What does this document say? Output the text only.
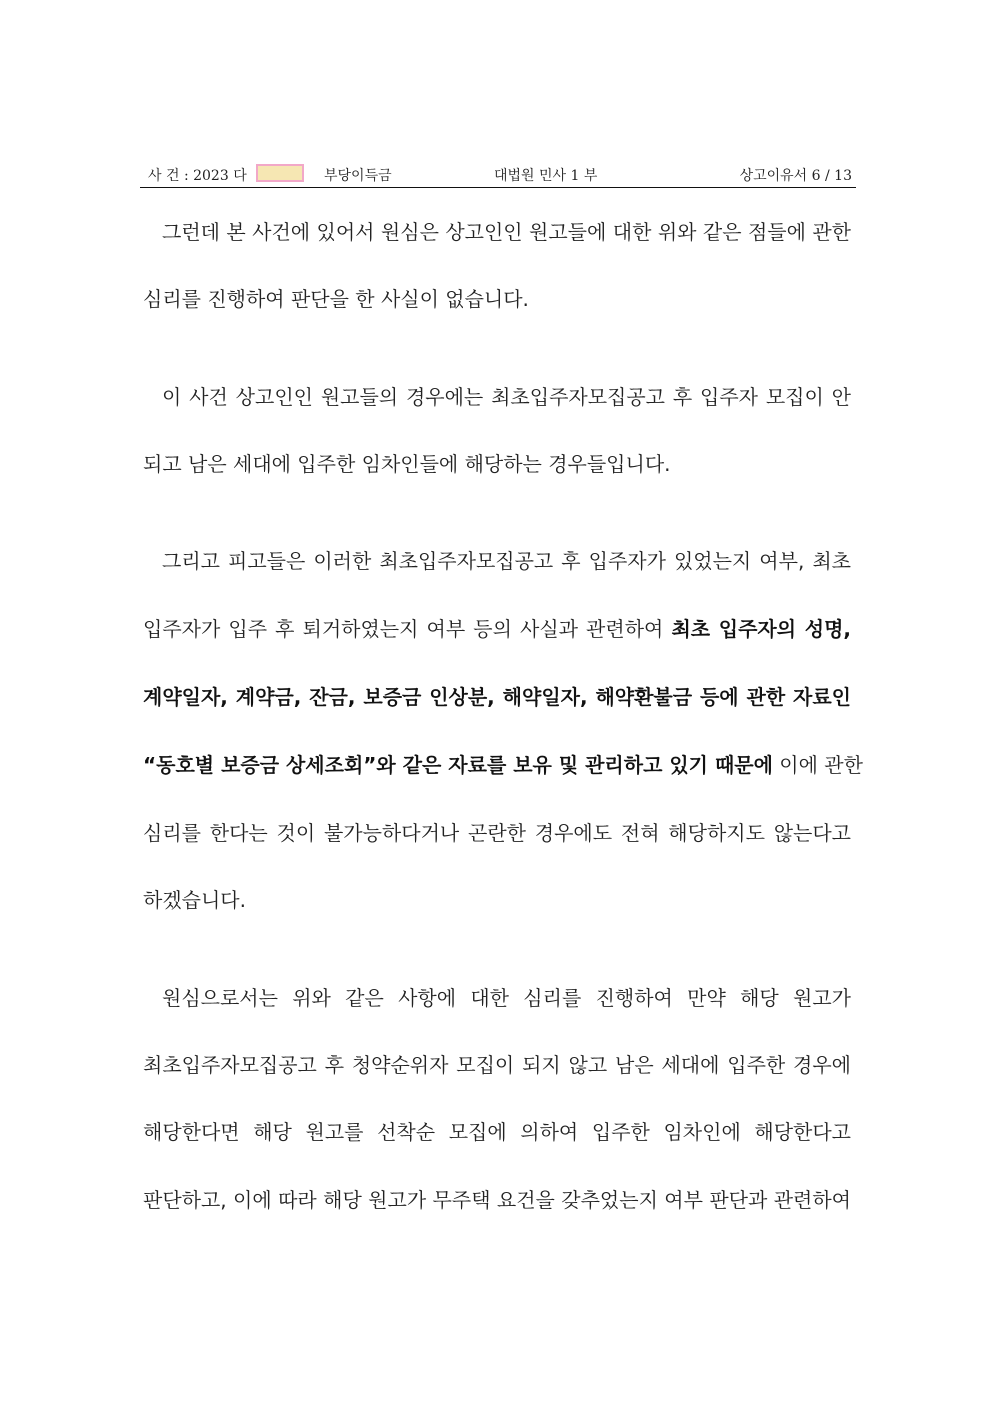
사 건 : 2023 다	부당이득금	대법원 민사 1 부	상고이유서 6 / 13
그런데 본 사건에 있어서 원심은 상고인인 원고들에 대한 위와 같은 점들에 관한
심리를 진행하여 판단을 한 사실이 없습니다.
이 사건 상고인인 원고들의 경우에는 최초입주자모집공고 후 입주자 모집이 안
되고 남은 세대에 입주한 임차인들에 해당하는 경우들입니다.
그리고 피고들은 이러한 최초입주자모집공고 후 입주자가 있었는지 여부, 최초
입주자가 입주 후 퇴거하였는지 여부 등의 사실과 관련하여 최초 입주자의 성명,
계약일자, 계약금, 잔금, 보증금 인상분, 해약일자, 해약환불금 등에 관한 자료인
“동호별 보증금 상세조회”와 같은 자료를 보유 및 관리하고 있기 때문에 이에 관한
심리를 한다는 것이 불가능하다거나 곤란한 경우에도 전혀 해당하지도 않는다고
하겠습니다.
원심으로서는 위와 같은 사항에 대한 심리를 진행하여 만약 해당 원고가
최초입주자모집공고 후 청약순위자 모집이 되지 않고 남은 세대에 입주한 경우에
해당한다면 해당 원고를 선착순 모집에 의하여 입주한 임차인에 해당한다고
판단하고, 이에 따라 해당 원고가 무주택 요건을 갖추었는지 여부 판단과 관련하여
